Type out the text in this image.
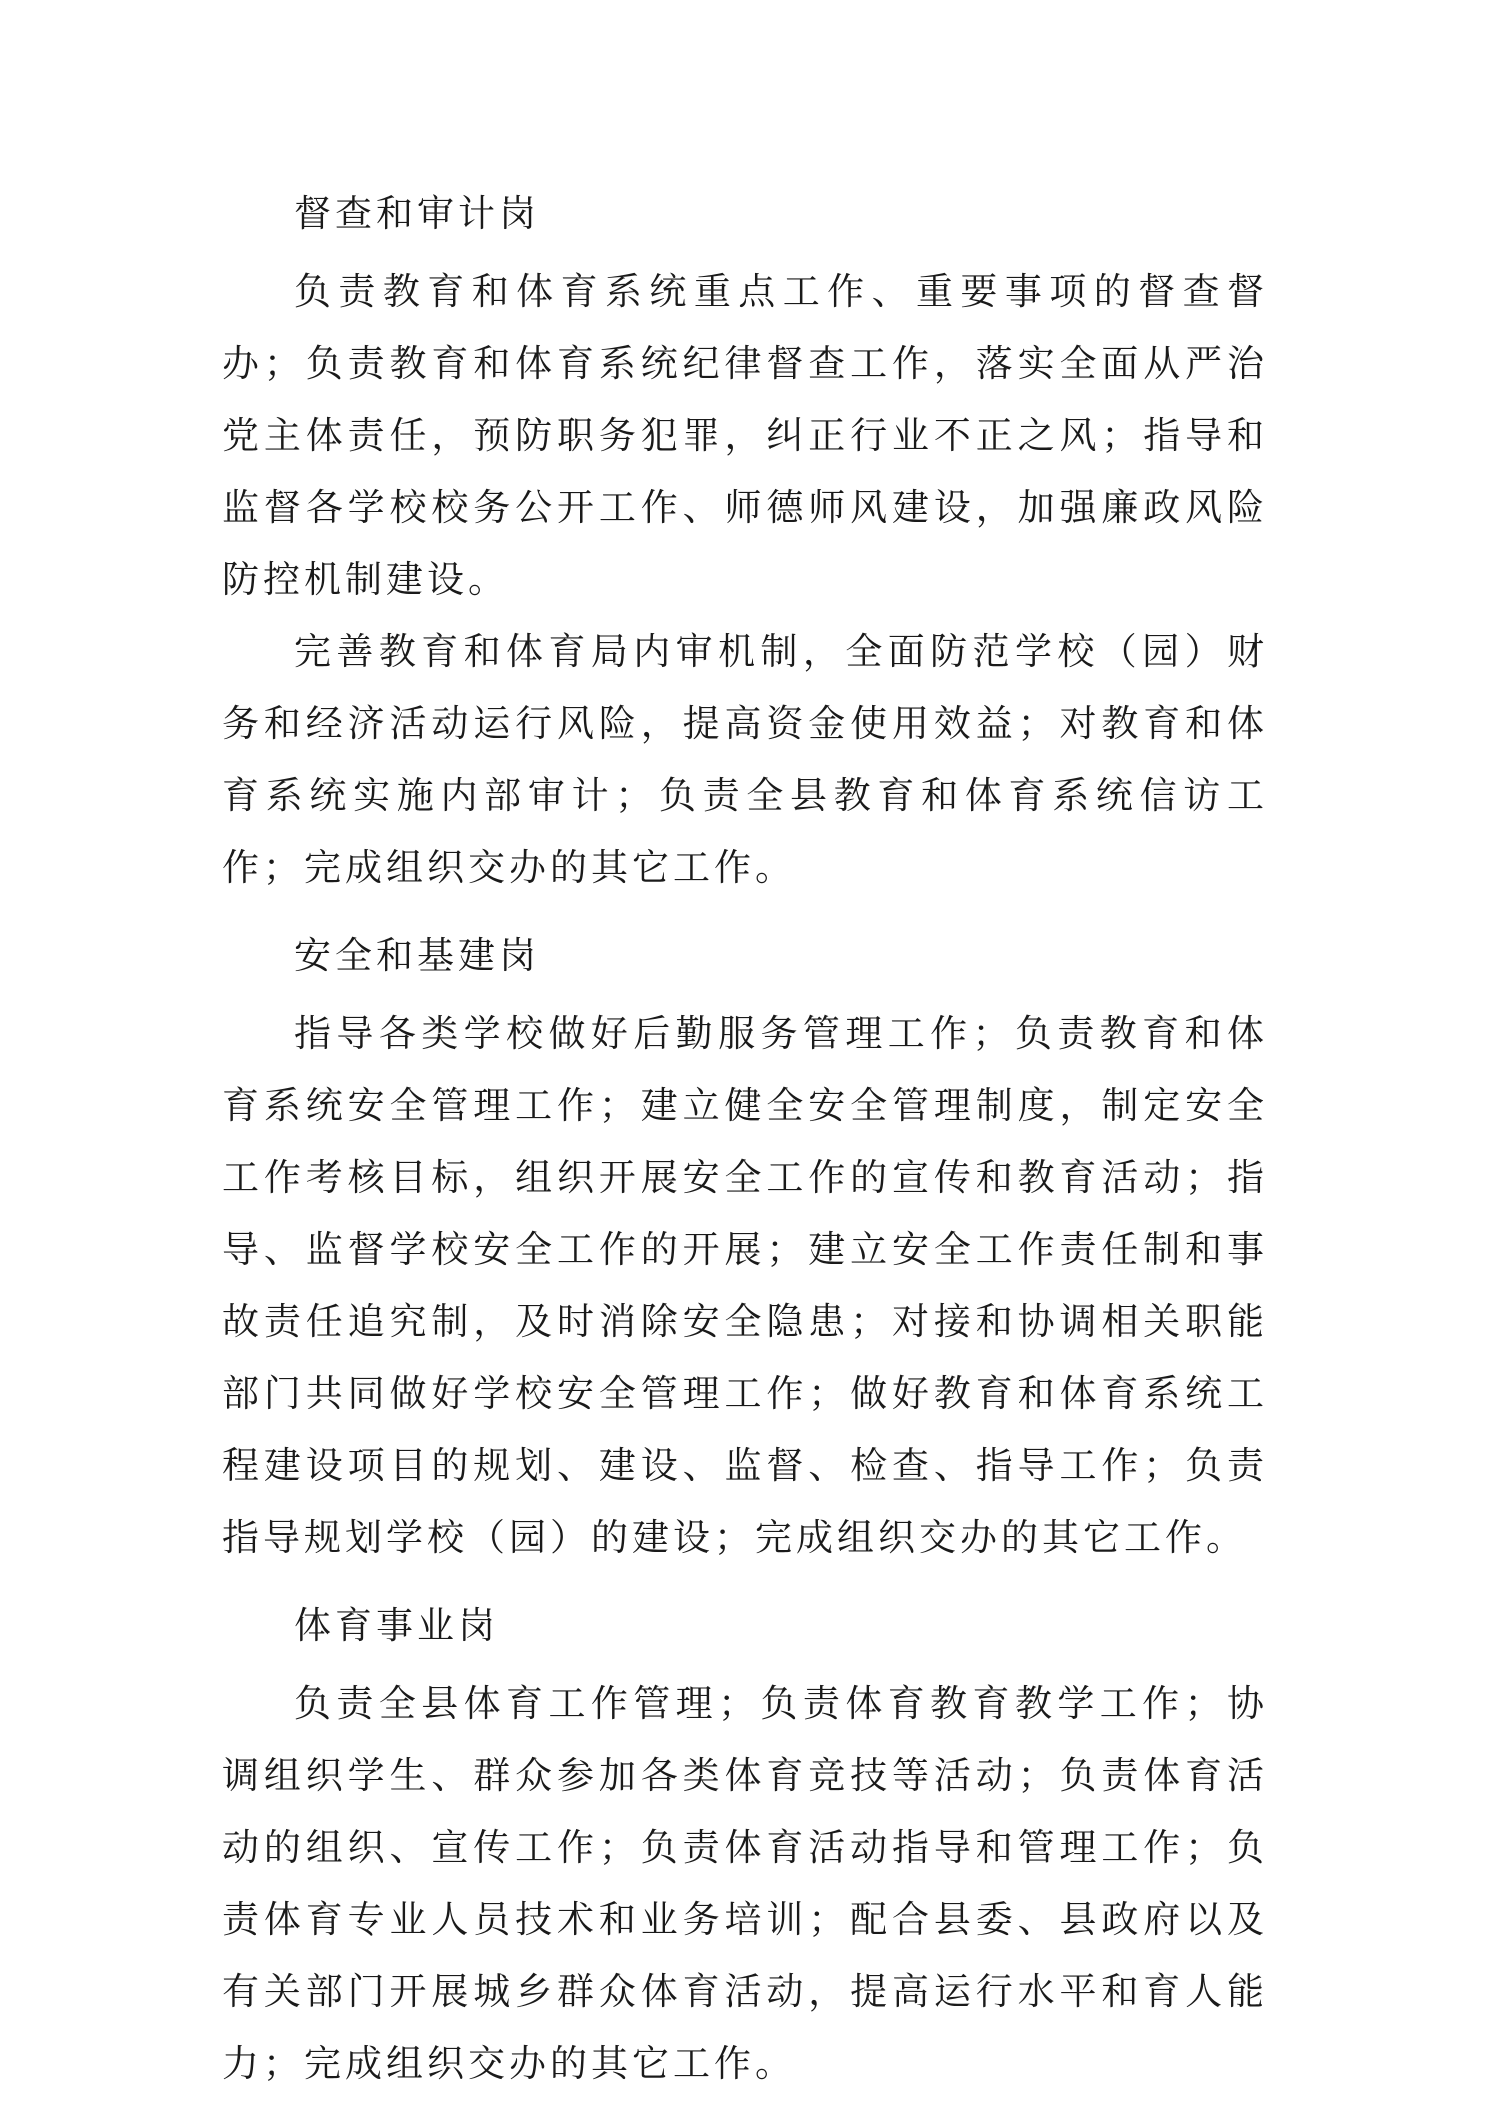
督查和审计岗

负责教育和体育系统重点工作、重要事项的督查督办；负责教育和体育系统纪律督查工作，落实全面从严治党主体责任，预防职务犯罪，纠正行业不正之风；指导和监督各学校校务公开工作、师德师风建设，加强廉政风险防控机制建设。

完善教育和体育局内审机制，全面防范学校（园）财务和经济活动运行风险，提高资金使用效益；对教育和体育系统实施内部审计；负责全县教育和体育系统信访工作；完成组织交办的其它工作。

安全和基建岗

指导各类学校做好后勤服务管理工作；负责教育和体育系统安全管理工作；建立健全安全管理制度，制定安全工作考核目标，组织开展安全工作的宣传和教育活动；指导、监督学校安全工作的开展；建立安全工作责任制和事故责任追究制，及时消除安全隐患；对接和协调相关职能部门共同做好学校安全管理工作；做好教育和体育系统工程建设项目的规划、建设、监督、检查、指导工作；负责指导规划学校（园）的建设；完成组织交办的其它工作。

体育事业岗

负责全县体育工作管理；负责体育教育教学工作；协调组织学生、群众参加各类体育竞技等活动；负责体育活动的组织、宣传工作；负责体育活动指导和管理工作；负责体育专业人员技术和业务培训；配合县委、县政府以及有关部门开展城乡群众体育活动，提高运行水平和育人能力；完成组织交办的其它工作。
